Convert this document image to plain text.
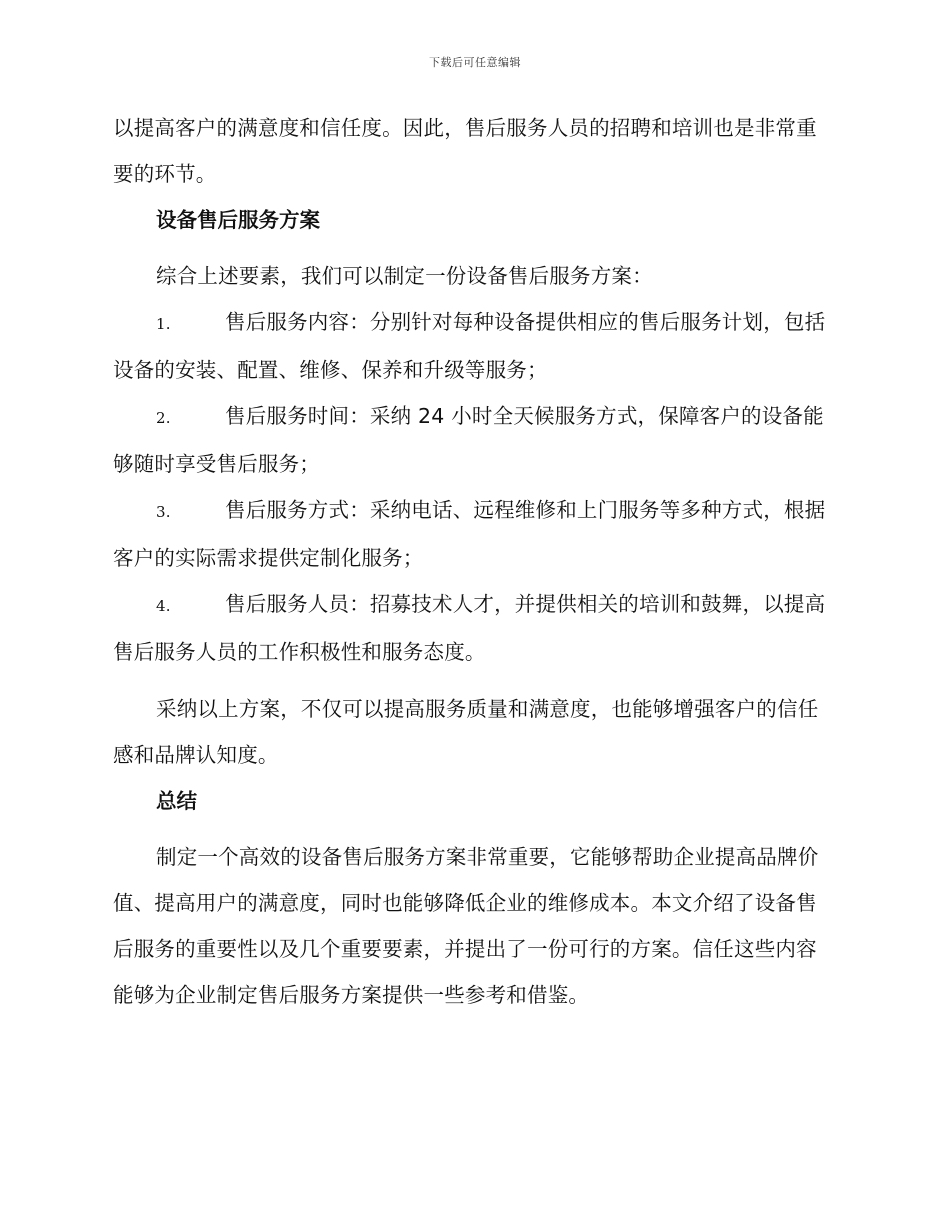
下载后可任意编辑

以提高客户的满意度和信任度。因此，售后服务人员的招聘和培训也是非常重要的环节。

设备售后服务方案

综合上述要素，我们可以制定一份设备售后服务方案：

1.	售后服务内容：分别针对每种设备提供相应的售后服务计划，包括设备的安装、配置、维修、保养和升级等服务；

2.	售后服务时间：采纳 24 小时全天候服务方式，保障客户的设备能够随时享受售后服务；

3.	售后服务方式：采纳电话、远程维修和上门服务等多种方式，根据客户的实际需求提供定制化服务；

4.	售后服务人员：招募技术人才，并提供相关的培训和鼓舞，以提高售后服务人员的工作积极性和服务态度。

采纳以上方案，不仅可以提高服务质量和满意度，也能够增强客户的信任感和品牌认知度。

总结

制定一个高效的设备售后服务方案非常重要，它能够帮助企业提高品牌价值、提高用户的满意度，同时也能够降低企业的维修成本。本文介绍了设备售后服务的重要性以及几个重要要素，并提出了一份可行的方案。信任这些内容能够为企业制定售后服务方案提供一些参考和借鉴。
